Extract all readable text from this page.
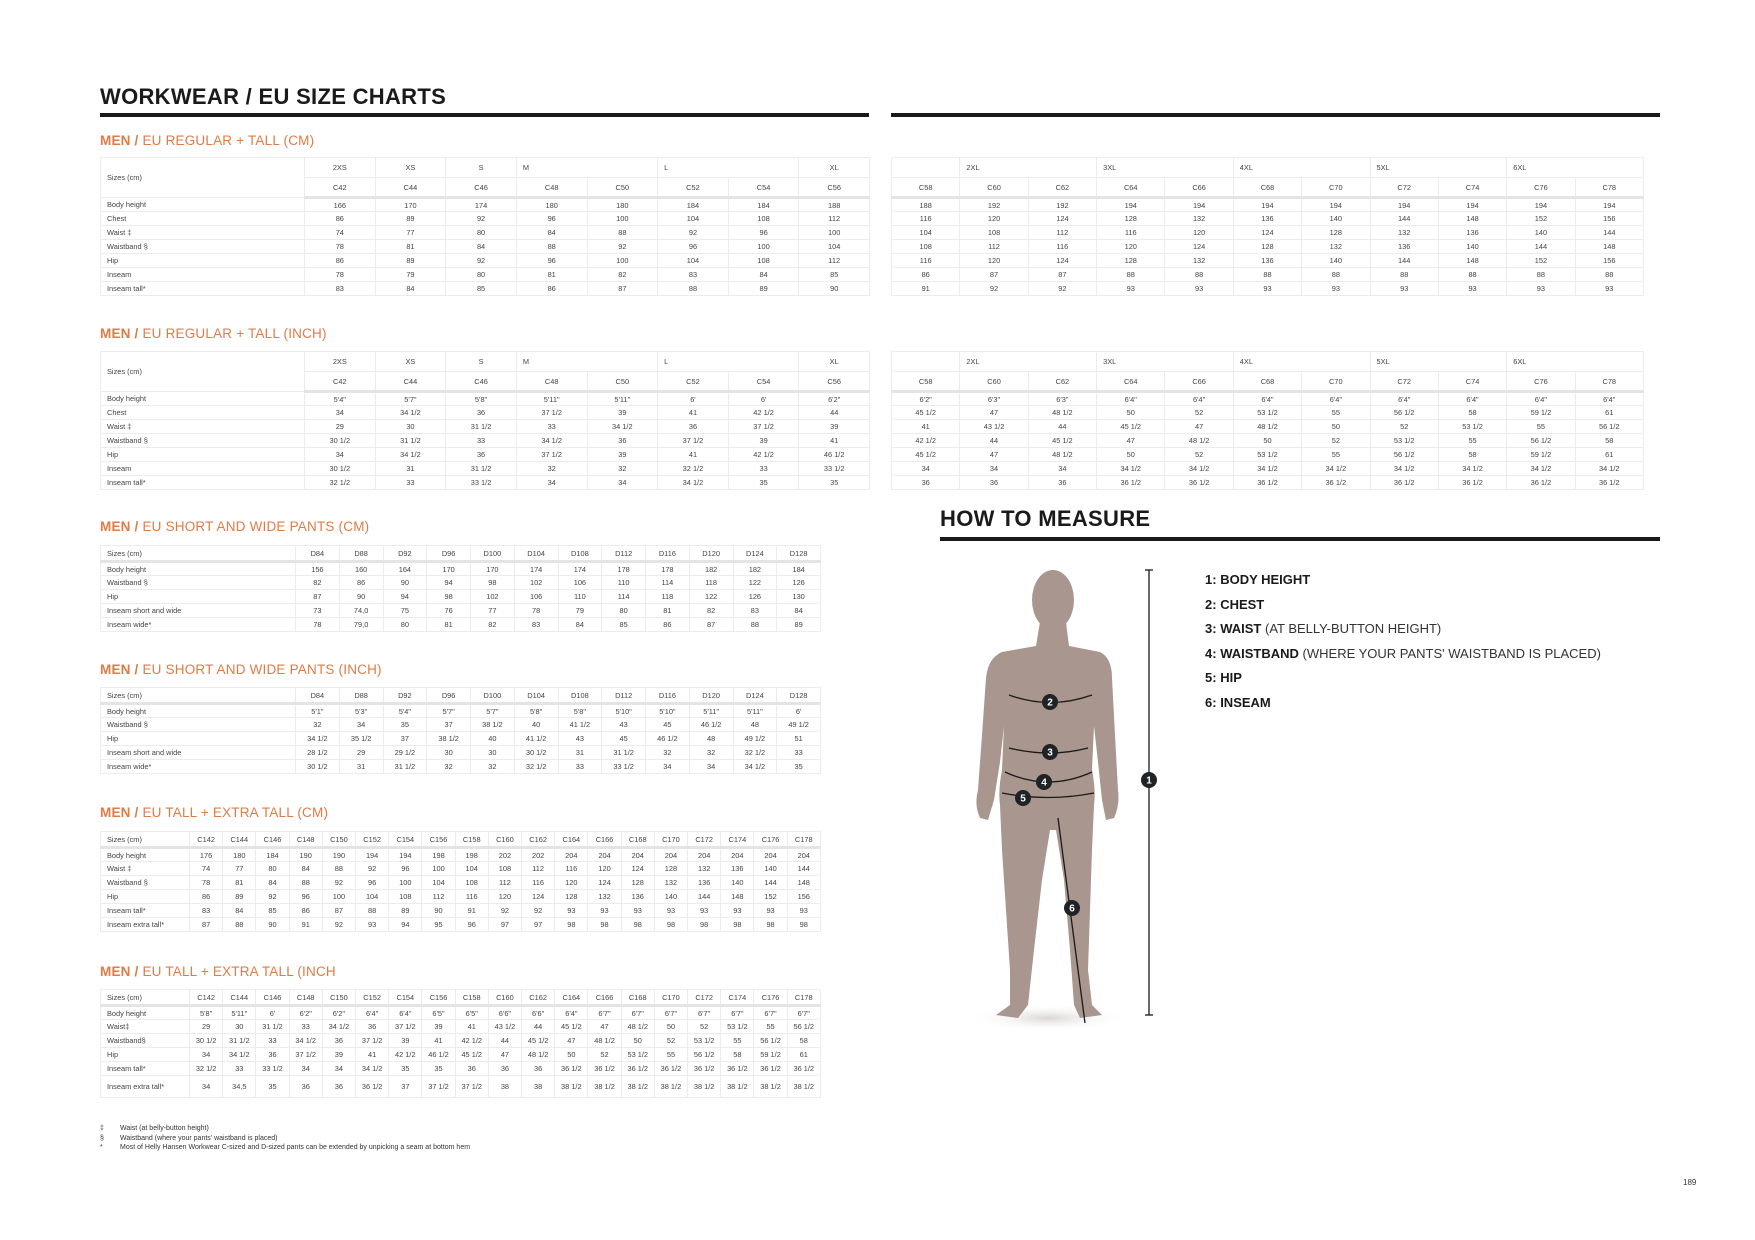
WORKWEAR / EU SIZE CHARTS
MEN / EU REGULAR + TALL (CM)
MEN / EU REGULAR + TALL (INCH)
MEN / EU SHORT AND WIDE PANTS (CM)
MEN / EU SHORT AND WIDE PANTS (INCH)
MEN / EU TALL + EXTRA TALL (CM)
MEN / EU TALL + EXTRA TALL (INCH
Sizes (cm)	2XS	XS	S	M		L		XL
	C42	C44	C46	C48	C50	C52	C54	C56
Body height	166	170	174	180	180	184	184	188
Chest	86	89	92	96	100	104	108	112
Waist ‡	74	77	80	84	88	92	96	100
Waistband §	78	81	84	88	92	96	100	104
Hip	86	89	92	96	100	104	108	112
Inseam	78	79	80	81	82	83	84	85
Inseam tall*	83	84	85	86	87	88	89	90
	2XL		3XL		4XL		5XL		6XL	
C58	C60	C62	C64	C66	C68	C70	C72	C74	C76	C78
188	192	192	194	194	194	194	194	194	194	194
116	120	124	128	132	136	140	144	148	152	156
104	108	112	116	120	124	128	132	136	140	144
108	112	116	120	124	128	132	136	140	144	148
116	120	124	128	132	136	140	144	148	152	156
86	87	87	88	88	88	88	88	88	88	88
91	92	92	93	93	93	93	93	93	93	93
Sizes (cm)	2XS	XS	S	M		L		XL
	C42	C44	C46	C48	C50	C52	C54	C56
Body height	5'4"	5'7"	5'8"	5'11"	5'11"	6'	6'	6'2"
Chest	34	34 1/2	36	37 1/2	39	41	42 1/2	44
Waist ‡	29	30	31 1/2	33	34 1/2	36	37 1/2	39
Waistband §	30 1/2	31 1/2	33	34 1/2	36	37 1/2	39	41
Hip	34	34 1/2	36	37 1/2	39	41	42 1/2	46 1/2
Inseam	30 1/2	31	31 1/2	32	32	32 1/2	33	33 1/2
Inseam tall*	32 1/2	33	33 1/2	34	34	34 1/2	35	35
	2XL		3XL		4XL		5XL		6XL	
C58	C60	C62	C64	C66	C68	C70	C72	C74	C76	C78
6'2"	6'3"	6'3"	6'4"	6'4"	6'4"	6'4"	6'4"	6'4"	6'4"	6'4"
45 1/2	47	48 1/2	50	52	53 1/2	55	56 1/2	58	59 1/2	61
41	43 1/2	44	45 1/2	47	48 1/2	50	52	53 1/2	55	56 1/2
42 1/2	44	45 1/2	47	48 1/2	50	52	53 1/2	55	56 1/2	58
45 1/2	47	48 1/2	50	52	53 1/2	55	56 1/2	58	59 1/2	61
34	34	34	34 1/2	34 1/2	34 1/2	34 1/2	34 1/2	34 1/2	34 1/2	34 1/2
36	36	36	36 1/2	36 1/2	36 1/2	36 1/2	36 1/2	36 1/2	36 1/2	36 1/2
Sizes (cm)	D84	D88	D92	D96	D100	D104	D108	D112	D116	D120	D124	D128
Body height	156	160	164	170	170	174	174	178	178	182	182	184
Waistband §	82	86	90	94	98	102	106	110	114	118	122	126
Hip	87	90	94	98	102	106	110	114	118	122	126	130
Inseam short and wide	73	74,0	75	76	77	78	79	80	81	82	83	84
Inseam wide*	78	79,0	80	81	82	83	84	85	86	87	88	89
Sizes (cm)	D84	D88	D92	D96	D100	D104	D108	D112	D116	D120	D124	D128
Body height	5'1"	5'3"	5'4"	5'7"	5'7"	5'8"	5'8"	5'10"	5'10"	5'11"	5'11"	6'
Waistband §	32	34	35	37	38 1/2	40	41 1/2	43	45	46 1/2	48	49 1/2
Hip	34 1/2	35 1/2	37	38 1/2	40	41 1/2	43	45	46 1/2	48	49 1/2	51
Inseam short and wide	28 1/2	29	29 1/2	30	30	30 1/2	31	31 1/2	32	32	32 1/2	33
Inseam wide*	30 1/2	31	31 1/2	32	32	32 1/2	33	33 1/2	34	34	34 1/2	35
Sizes (cm)	C142	C144	C146	C148	C150	C152	C154	C156	C158	C160	C162	C164	C166	C168	C170	C172	C174	C176	C178
Body height	176	180	184	190	190	194	194	198	198	202	202	204	204	204	204	204	204	204	204
Waist ‡	74	77	80	84	88	92	96	100	104	108	112	116	120	124	128	132	136	140	144
Waistband §	78	81	84	88	92	96	100	104	108	112	116	120	124	128	132	136	140	144	148
Hip	86	89	92	96	100	104	108	112	116	120	124	128	132	136	140	144	148	152	156
Inseam tall*	83	84	85	86	87	88	89	90	91	92	92	93	93	93	93	93	93	93	93
Inseam extra tall*	87	88	90	91	92	93	94	95	96	97	97	98	98	98	98	98	98	98	98
Sizes (cm)	C142	C144	C146	C148	C150	C152	C154	C156	C158	C160	C162	C164	C166	C168	C170	C172	C174	C176	C178
Body height	5'8"	5'11"	6'	6'2"	6'2"	6'4"	6'4"	6'5"	6'5"	6'6"	6'6"	6'4"	6'7"	6'7"	6'7"	6'7"	6'7"	6'7"	6'7"
Waist‡	29	30	31 1/2	33	34 1/2	36	37 1/2	39	41	43 1/2	44	45 1/2	47	48 1/2	50	52	53 1/2	55	56 1/2
Waistband§	30 1/2	31 1/2	33	34 1/2	36	37 1/2	39	41	42 1/2	44	45 1/2	47	48 1/2	50	52	53 1/2	55	56 1/2	58
Hip	34	34 1/2	36	37 1/2	39	41	42 1/2	46 1/2	45 1/2	47	48 1/2	50	52	53 1/2	55	56 1/2	58	59 1/2	61
Inseam tall*	32 1/2	33	33 1/2	34	34	34 1/2	35	35	36	36	36	36 1/2	36 1/2	36 1/2	36 1/2	36 1/2	36 1/2	36 1/2	36 1/2
Inseam extra tall*	34	34,5	35	36	36	36 1/2	37	37 1/2	37 1/2	38	38	38 1/2	38 1/2	38 1/2	38 1/2	38 1/2	38 1/2	38 1/2	38 1/2
HOW TO MEASURE
1
2
3
4
5
6
1: BODY HEIGHT
2: CHEST
3: WAIST (AT BELLY-BUTTON HEIGHT)
4: WAISTBAND (WHERE YOUR PANTS' WAISTBAND IS PLACED)
5: HIP
6: INSEAM
‡ Waist (at belly-button height)
§ Waistband (where your pants' waistband is placed)
* Most of Helly Hansen Workwear C-sized and D-sized pants can be extended by unpicking a seam at bottom hem
189
